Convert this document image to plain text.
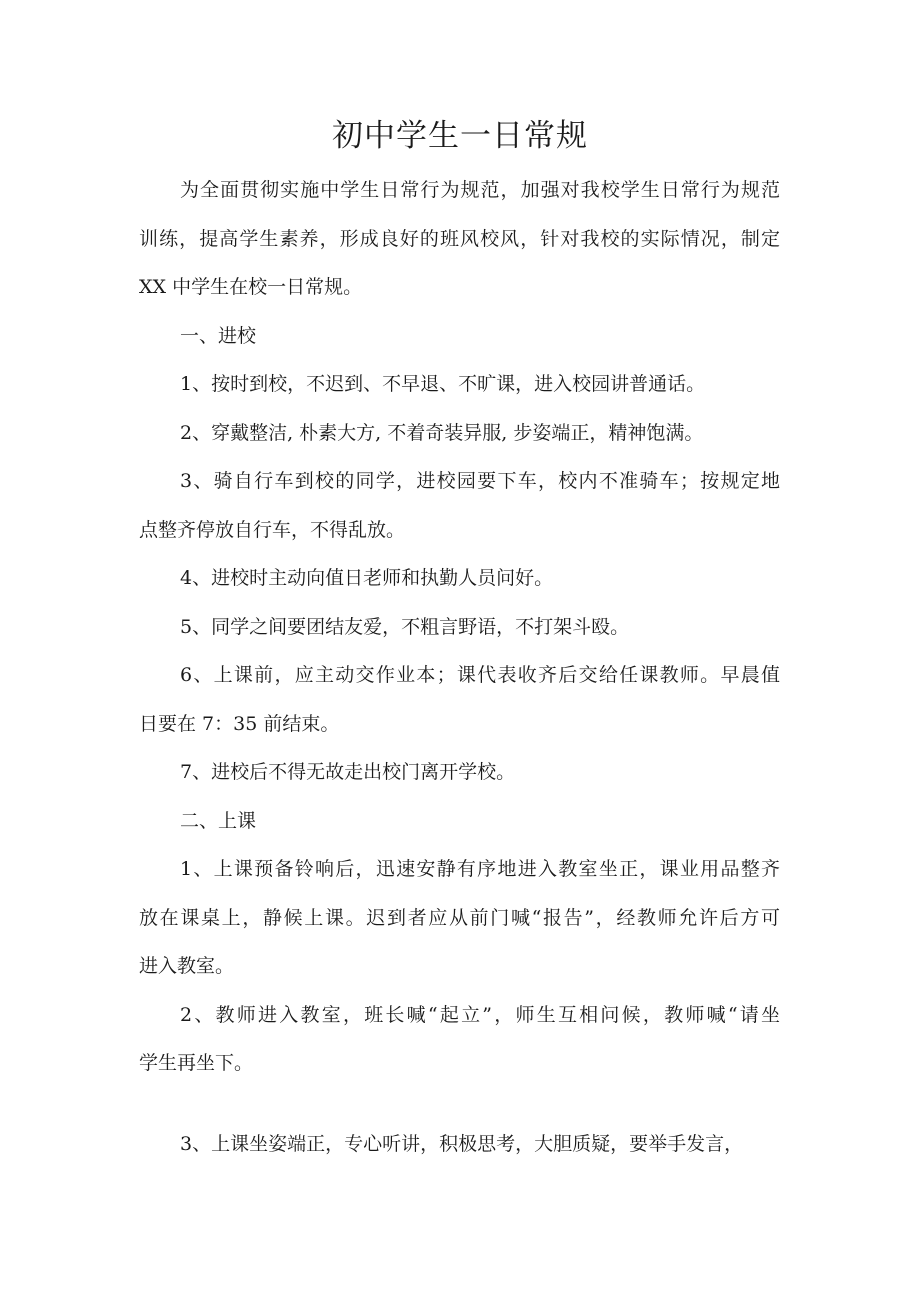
初中学生一日常规
为全面贯彻实施中学生日常行为规范，加强对我校学生日常行为规范
训练，提高学生素养，形成良好的班风校风，针对我校的实际情况，制定
XX 中学生在校一日常规。
一、进校
1、按时到校，不迟到、不早退、不旷课，进入校园讲普通话。
2、穿戴整洁, 朴素大方, 不着奇装异服, 步姿端正，精神饱满。
3、骑自行车到校的同学，进校园要下车，校内不准骑车；按规定地
点整齐停放自行车，不得乱放。
4、进校时主动向值日老师和执勤人员问好。
5、同学之间要团结友爱，不粗言野语，不打架斗殴。
6、上课前，应主动交作业本；课代表收齐后交给任课教师。早晨值
日要在 7：35 前结束。
7、进校后不得无故走出校门离开学校。
二、上课
1、上课预备铃响后，迅速安静有序地进入教室坐正，课业用品整齐
放在课桌上，静候上课。迟到者应从前门喊“报告”，经教师允许后方可
进入教室。
2、教师进入教室，班长喊“起立”，师生互相问候，教师喊“请坐
学生再坐下。
3、上课坐姿端正，专心听讲，积极思考，大胆质疑，要举手发言，
